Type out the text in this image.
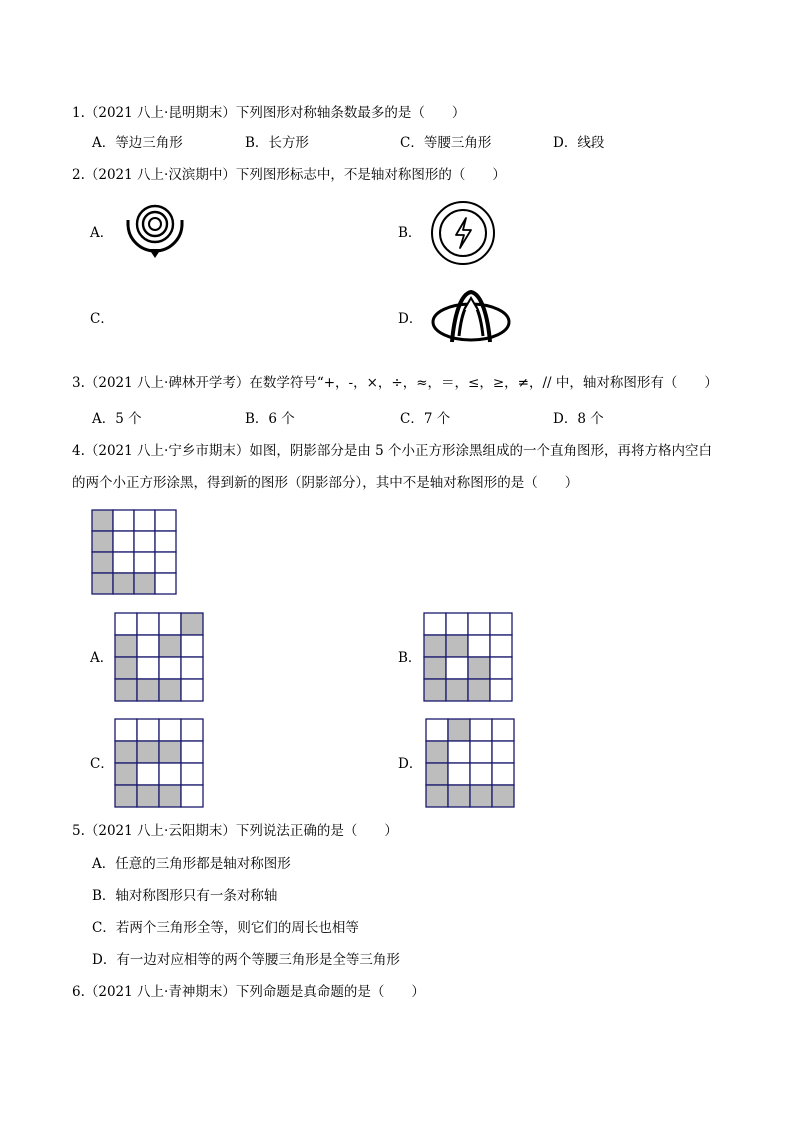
1.（2021 八上·昆明期末）下列图形对称轴条数最多的是（　　）
A．等边三角形	B．长方形	C．等腰三角形	D．线段
2.（2021 八上·汉滨期中）下列图形标志中，不是轴对称图形的（　　）
A．	B．
C．	D．
3.（2021 八上·碑林开学考）在数学符号“+，-，×，÷，≈，＝，≤，≥，≠，// 中，轴对称图形有（　　）
A．5 个	B．6 个	C．7 个	D．8 个
4.（2021 八上·宁乡市期末）如图，阴影部分是由 5 个小正方形涂黑组成的一个直角图形，再将方格内空白
的两个小正方形涂黑，得到新的图形（阴影部分），其中不是轴对称图形的是（　　）
A．	B．
C．	D．
5.（2021 八上·云阳期末）下列说法正确的是（　　）
A．任意的三角形都是轴对称图形
B．轴对称图形只有一条对称轴
C．若两个三角形全等，则它们的周长也相等
D．有一边对应相等的两个等腰三角形是全等三角形
6.（2021 八上·青神期末）下列命题是真命题的是（　　）
